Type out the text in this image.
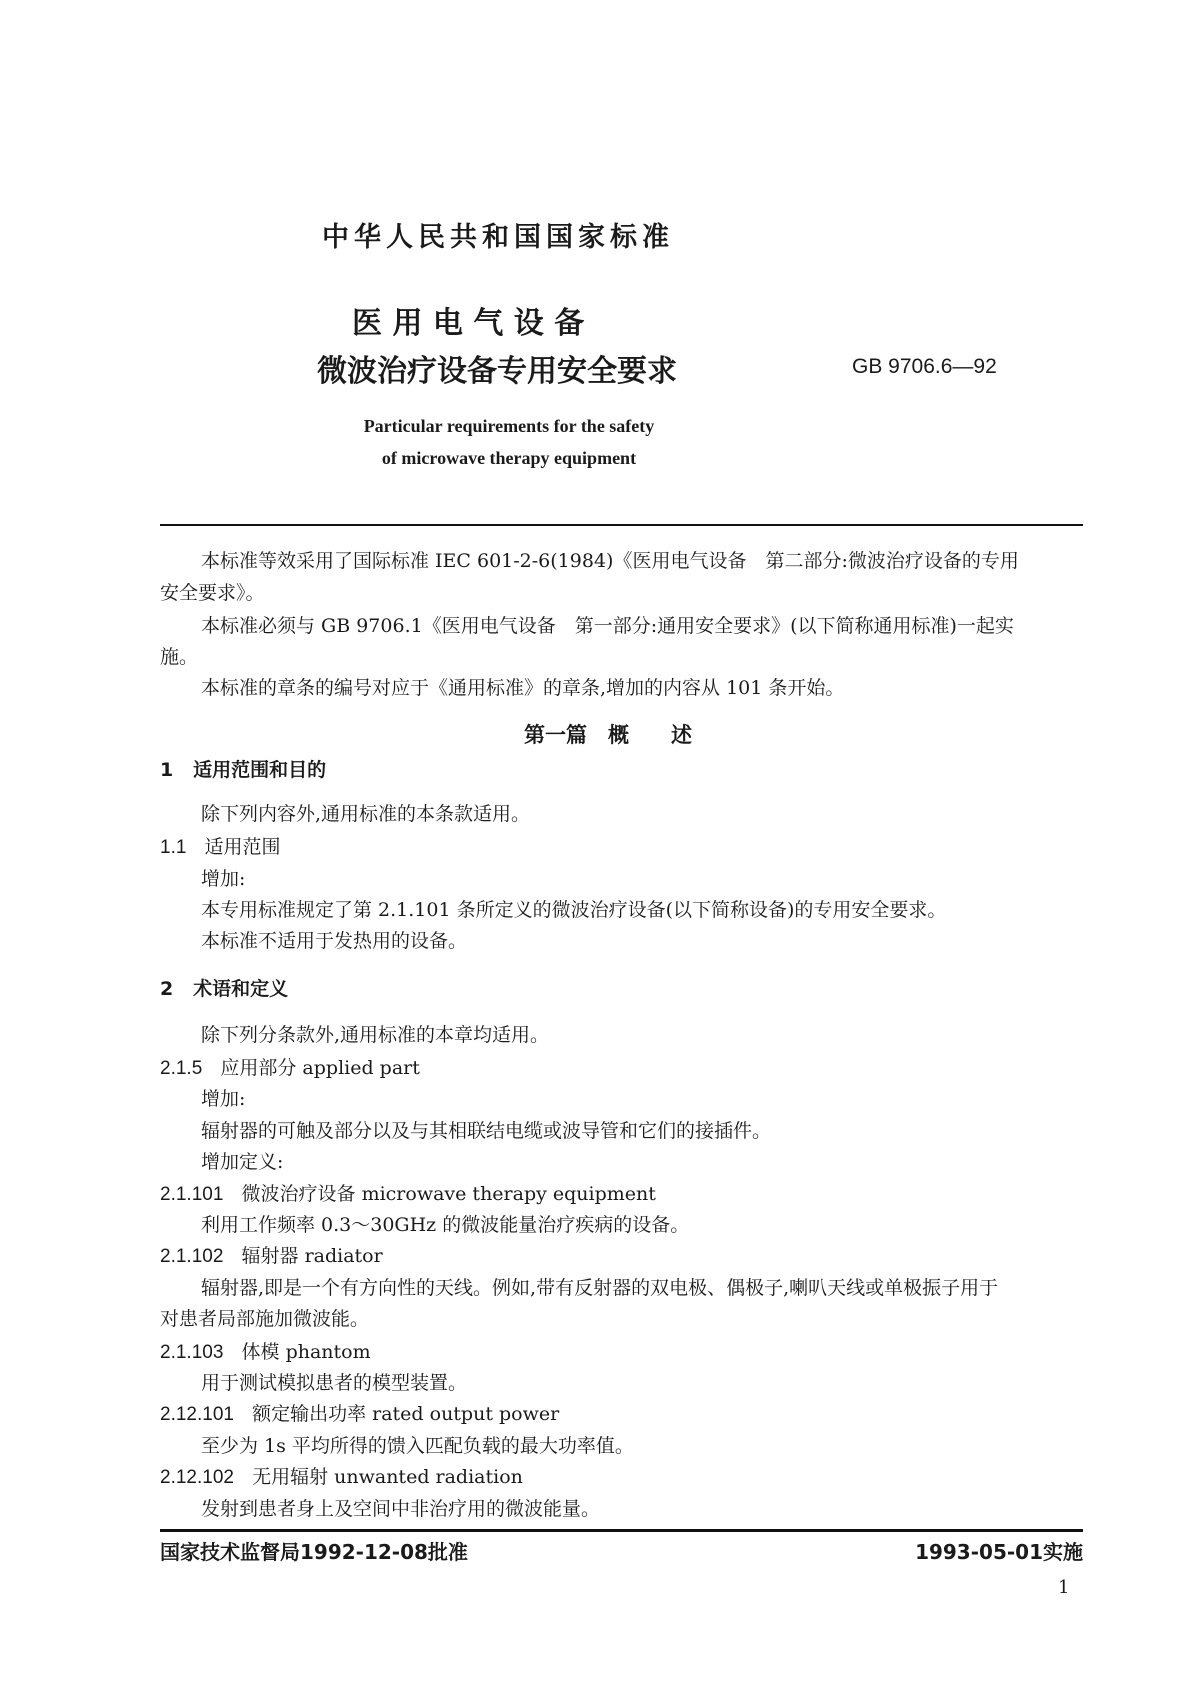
中华人民共和国国家标准
医 用 电 气 设 备
微波治疗设备专用安全要求	GB 9706.6—92
Particular requirements for the safety
of microwave therapy equipment
本标准等效采用了国际标准 IEC 601-2-6(1984)《医用电气设备　第二部分:微波治疗设备的专用
安全要求》。
本标准必须与 GB 9706.1《医用电气设备　第一部分:通用安全要求》(以下简称通用标准)一起实
施。
本标准的章条的编号对应于《通用标准》的章条,增加的内容从 101 条开始。
第一篇　概　　述
1 适用范围和目的
除下列内容外,通用标准的本条款适用。
1.1 适用范围
增加:
本专用标准规定了第 2.1.101 条所定义的微波治疗设备(以下简称设备)的专用安全要求。
本标准不适用于发热用的设备。
2 术语和定义
除下列分条款外,通用标准的本章均适用。
2.1.5 应用部分 applied part
增加:
辐射器的可触及部分以及与其相联结电缆或波导管和它们的接插件。
增加定义:
2.1.101 微波治疗设备 microwave therapy equipment
利用工作频率 0.3～30GHz 的微波能量治疗疾病的设备。
2.1.102 辐射器 radiator
辐射器,即是一个有方向性的天线。例如,带有反射器的双电极、偶极子,喇叭天线或单极振子用于
对患者局部施加微波能。
2.1.103 体模 phantom
用于测试模拟患者的模型装置。
2.12.101 额定输出功率 rated output power
至少为 1s 平均所得的馈入匹配负载的最大功率值。
2.12.102 无用辐射 unwanted radiation
发射到患者身上及空间中非治疗用的微波能量。
国家技术监督局1992-12-08批准	1993-05-01实施
1
